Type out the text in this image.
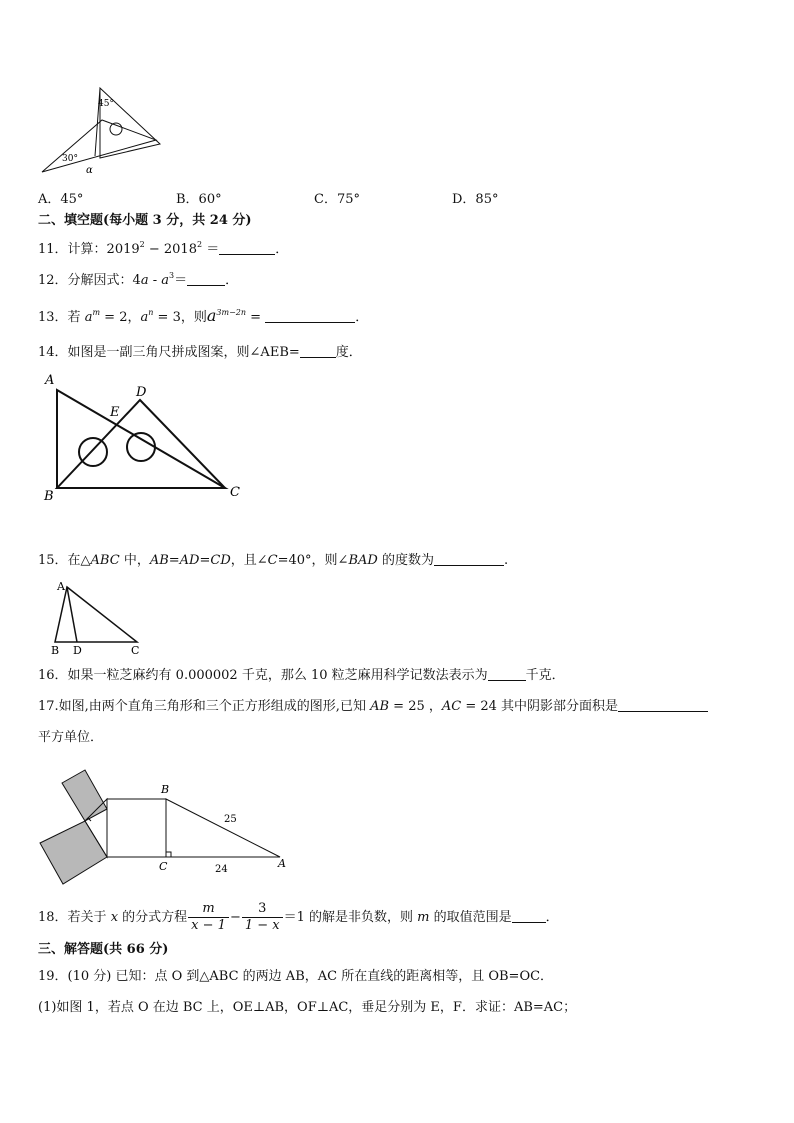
45°
30°
α
A．45°	B．60°	C．75°	D．85°
二、填空题(每小题 3 分，共 24 分)
11．计算：$2019^2 - 2018^2$ ＝	．
12．分解因式：$4a - a^3=$	．
13．若 $a^m = 2$，$a^n = 3$，则$a^{3m-2n}$ =	．
14．如图是一副三角尺拼成图案，则∠AEB=	度．
A
B	C
D
E
15．在△ABC 中，AB=AD=CD，且∠C=40°，则∠BAD 的度数为	.
A
B D	C
16．如果一粒芝麻约有 0.000002 千克，那么 10 粒芝麻用科学记数法表示为	千克．
17.如图,由两个直角三角形和三个正方形组成的图形,已知 AB = 25 ，AC = 24 其中阴影部分面积是
平方单位．
B
C	A
25
24
18．若关于 x 的分式方程 $\frac{m}{x - 1} - \frac{3}{1 - x} =1$ 的解是非负数，则 m 的取值范围是	．
三、解答题(共 66 分)
19．(10 分) 已知：点 O 到△ABC 的两边 AB，AC 所在直线的距离相等，且 OB=OC．
(1)如图 1，若点 O 在边 BC 上，OE⊥AB，OF⊥AC，垂足分别为 E，F．求证：AB=AC；
